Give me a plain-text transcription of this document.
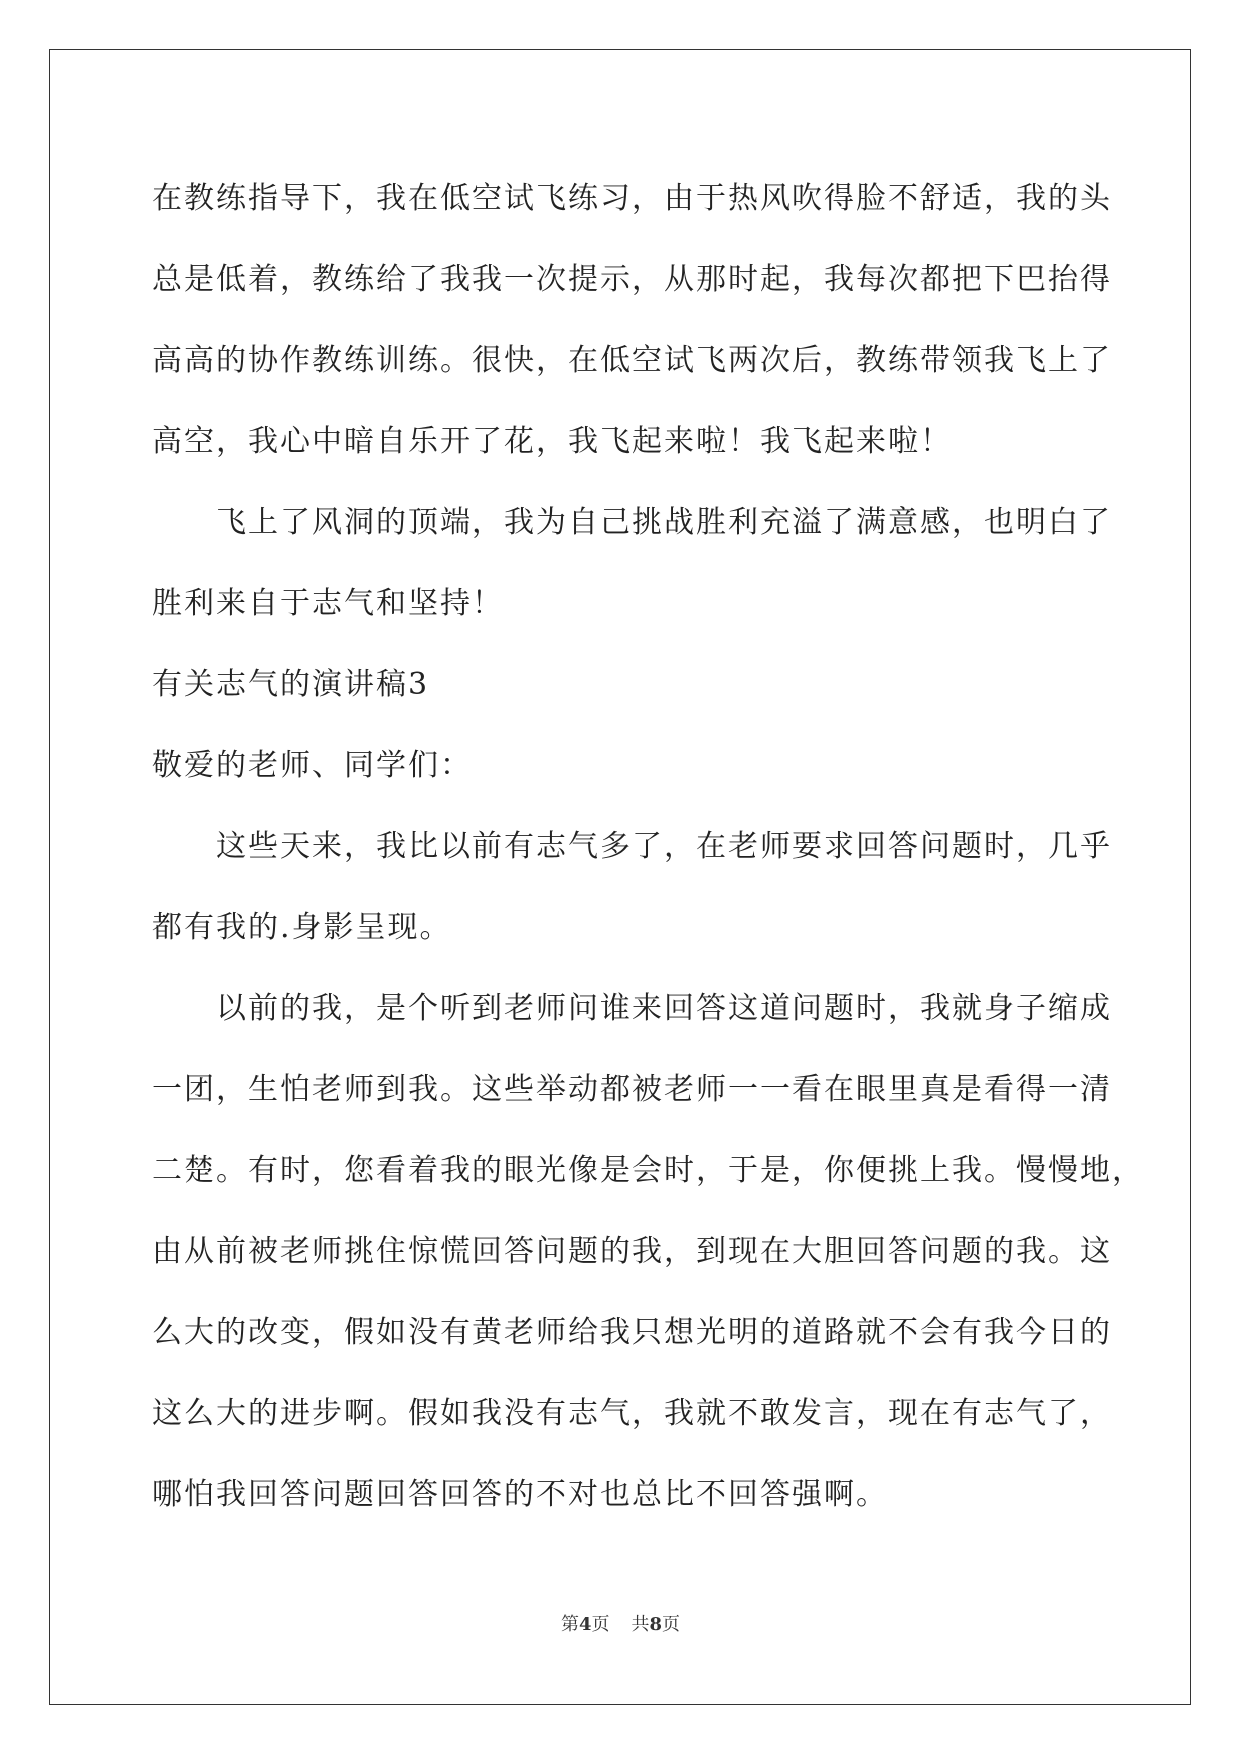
在教练指导下，我在低空试飞练习，由于热风吹得脸不舒适，我的头
总是低着，教练给了我我一次提示，从那时起，我每次都把下巴抬得
高高的协作教练训练。很快，在低空试飞两次后，教练带领我飞上了
高空，我心中暗自乐开了花，我飞起来啦！我飞起来啦！
飞上了风洞的顶端，我为自己挑战胜利充溢了满意感，也明白了
胜利来自于志气和坚持！
有关志气的演讲稿3
敬爱的老师、同学们：
这些天来，我比以前有志气多了，在老师要求回答问题时，几乎
都有我的.身影呈现。
以前的我，是个听到老师问谁来回答这道问题时，我就身子缩成
一团，生怕老师到我。这些举动都被老师一一看在眼里真是看得一清
二楚。有时，您看着我的眼光像是会时，于是，你便挑上我。慢慢地，
由从前被老师挑住惊慌回答问题的我，到现在大胆回答问题的我。这
么大的改变，假如没有黄老师给我只想光明的道路就不会有我今日的
这么大的进步啊。假如我没有志气，我就不敢发言，现在有志气了，
哪怕我回答问题回答回答的不对也总比不回答强啊。
第4页 共8页
